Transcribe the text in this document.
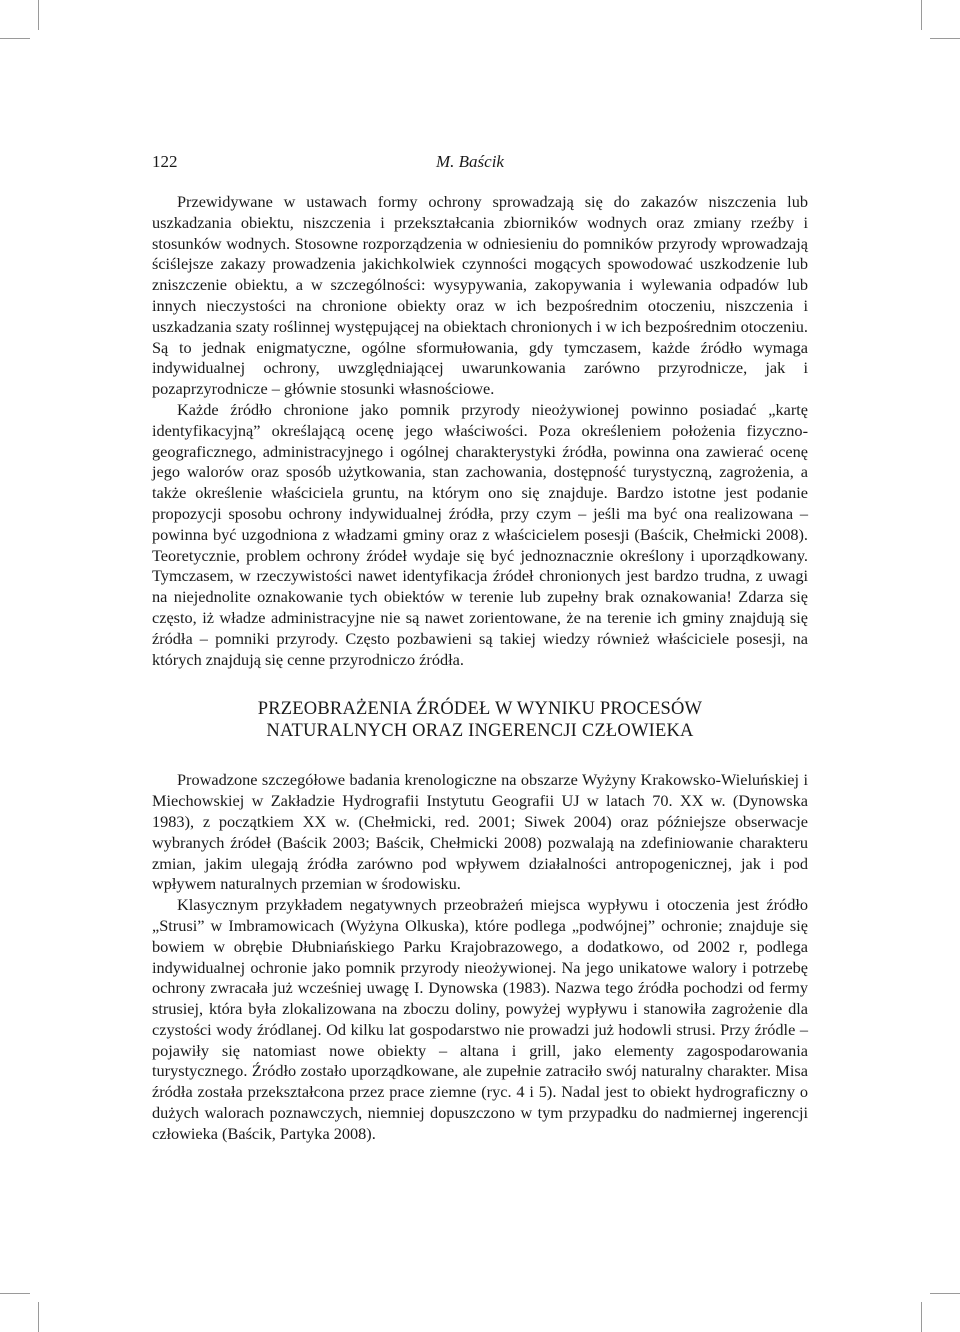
122	M. Baścik

Przewidywane w ustawach formy ochrony sprowadzają się do zakazów niszczenia lub uszkadzania obiektu, niszczenia i przekształcania zbiorników wodnych oraz zmiany rzeźby i stosunków wodnych. Stosowne rozporządzenia w odniesieniu do pomników przyrody wprowadzają ściślejsze zakazy prowadzenia jakichkolwiek czynności mogących spowodować uszkodzenie lub zniszczenie obiektu, a w szczególności: wysypywania, zakopywania i wylewania odpadów lub innych nieczystości na chronione obiekty oraz w ich bezpośrednim otoczeniu, niszczenia i uszkadzania szaty roślinnej występującej na obiektach chronionych i w ich bezpośrednim otoczeniu. Są to jednak enigmatyczne, ogólne sformułowania, gdy tymczasem, każde źródło wymaga indywidualnej ochrony, uwzględniającej uwarunkowania zarówno przyrodnicze, jak i pozaprzyrodnicze – głównie stosunki własnościowe.

Każde źródło chronione jako pomnik przyrody nieożywionej powinno posiadać „kartę identyfikacyjną” określającą ocenę jego właściwości. Poza określeniem położenia fizyczno-geograficznego, administracyjnego i ogólnej charakterystyki źródła, powinna ona zawierać ocenę jego walorów oraz sposób użytkowania, stan zachowania, dostępność turystyczną, zagrożenia, a także określenie właściciela gruntu, na którym ono się znajduje. Bardzo istotne jest podanie propozycji sposobu ochrony indywidualnej źródła, przy czym – jeśli ma być ona realizowana – powinna być uzgodniona z władzami gminy oraz z właścicielem posesji (Baścik, Chełmicki 2008). Teoretycznie, problem ochrony źródeł wydaje się być jednoznacznie określony i uporządkowany. Tymczasem, w rzeczywistości nawet identyfikacja źródeł chronionych jest bardzo trudna, z uwagi na niejednolite oznakowanie tych obiektów w terenie lub zupełny brak oznakowania! Zdarza się często, iż władze administracyjne nie są nawet zorientowane, że na terenie ich gminy znajdują się źródła – pomniki przyrody. Często pozbawieni są takiej wiedzy również właściciele posesji, na których znajdują się cenne przyrodniczo źródła.

PRZEOBRAŻENIA ŹRÓDEŁ W WYNIKU PROCESÓW
NATURALNYCH ORAZ INGERENCJI CZŁOWIEKA

Prowadzone szczegółowe badania krenologiczne na obszarze Wyżyny Krakowsko-Wieluńskiej i Miechowskiej w Zakładzie Hydrografii Instytutu Geografii UJ w latach 70. XX w. (Dynowska 1983), z początkiem XX w. (Chełmicki, red. 2001; Siwek 2004) oraz późniejsze obserwacje wybranych źródeł (Baścik 2003; Baścik, Chełmicki 2008) pozwalają na zdefiniowanie charakteru zmian, jakim ulegają źródła zarówno pod wpływem działalności antropogenicznej, jak i pod wpływem naturalnych przemian w środowisku.

Klasycznym przykładem negatywnych przeobrażeń miejsca wypływu i otoczenia jest źródło „Strusi” w Imbramowicach (Wyżyna Olkuska), które podlega „podwójnej” ochronie; znajduje się bowiem w obrębie Dłubniańskiego Parku Krajobrazowego, a dodatkowo, od 2002 r, podlega indywidualnej ochronie jako pomnik przyrody nieożywionej. Na jego unikatowe walory i potrzebę ochrony zwracała już wcześniej uwagę I. Dynowska (1983). Nazwa tego źródła pochodzi od fermy strusiej, która była zlokalizowana na zboczu doliny, powyżej wypływu i stanowiła zagrożenie dla czystości wody źródlanej. Od kilku lat gospodarstwo nie prowadzi już hodowli strusi. Przy źródle – pojawiły się natomiast nowe obiekty – altana i grill, jako elementy zagospodarowania turystycznego. Źródło zostało uporządkowane, ale zupełnie zatraciło swój naturalny charakter. Misa źródła została przekształcona przez prace ziemne (ryc. 4 i 5). Nadal jest to obiekt hydrograficzny o dużych walorach poznawczych, niemniej dopuszczono w tym przypadku do nadmiernej ingerencji człowieka (Baścik, Partyka 2008).
